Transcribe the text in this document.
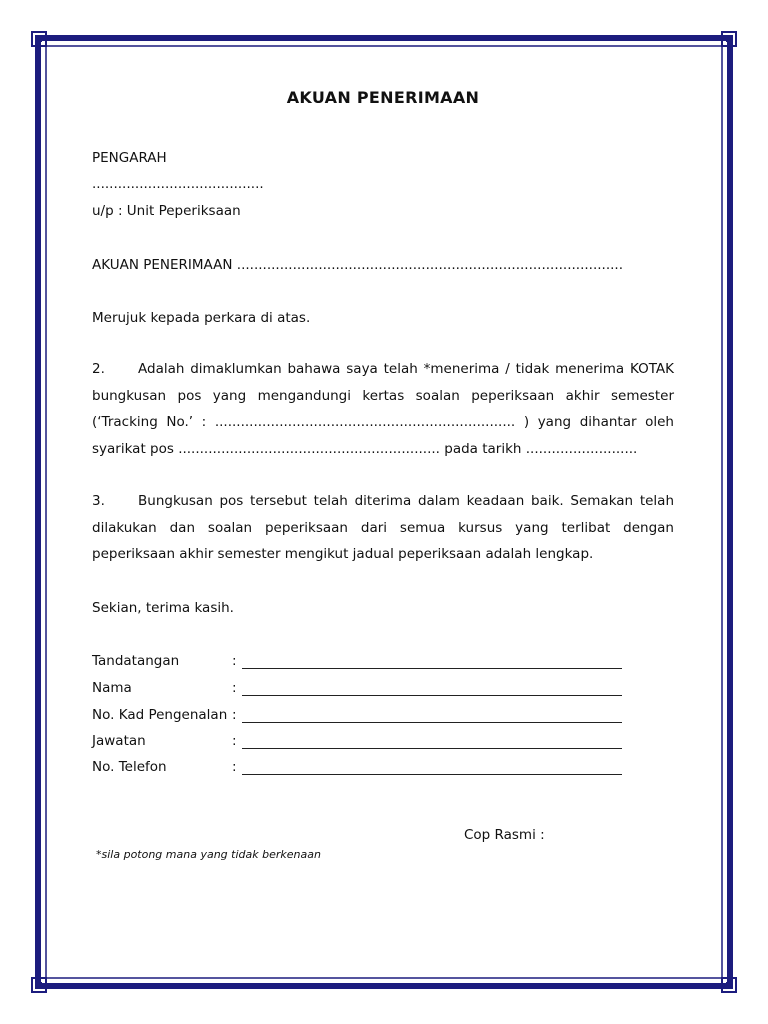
AKUAN PENERIMAAN

PENGARAH

........................................

u/p : Unit Peperiksaan

AKUAN PENERIMAAN ..........................................................................................

Merujuk kepada perkara di atas.

2. Adalah dimaklumkan bahawa saya telah *menerima / tidak menerima KOTAK bungkusan pos yang mengandungi kertas soalan peperiksaan akhir semester (‘Tracking No.’ : ...................................................................... ) yang dihantar oleh syarikat pos ............................................................. pada tarikh ..........................

3. Bungkusan pos tersebut telah diterima dalam keadaan baik. Semakan telah dilakukan dan soalan peperiksaan dari semua kursus yang terlibat dengan peperiksaan akhir semester mengikut jadual peperiksaan adalah lengkap.

Sekian, terima kasih.

Tandatangan	:
Nama	:
No. Kad Pengenalan :
Jawatan	:
No. Telefon	:

Cop Rasmi :

*sila potong mana yang tidak berkenaan
